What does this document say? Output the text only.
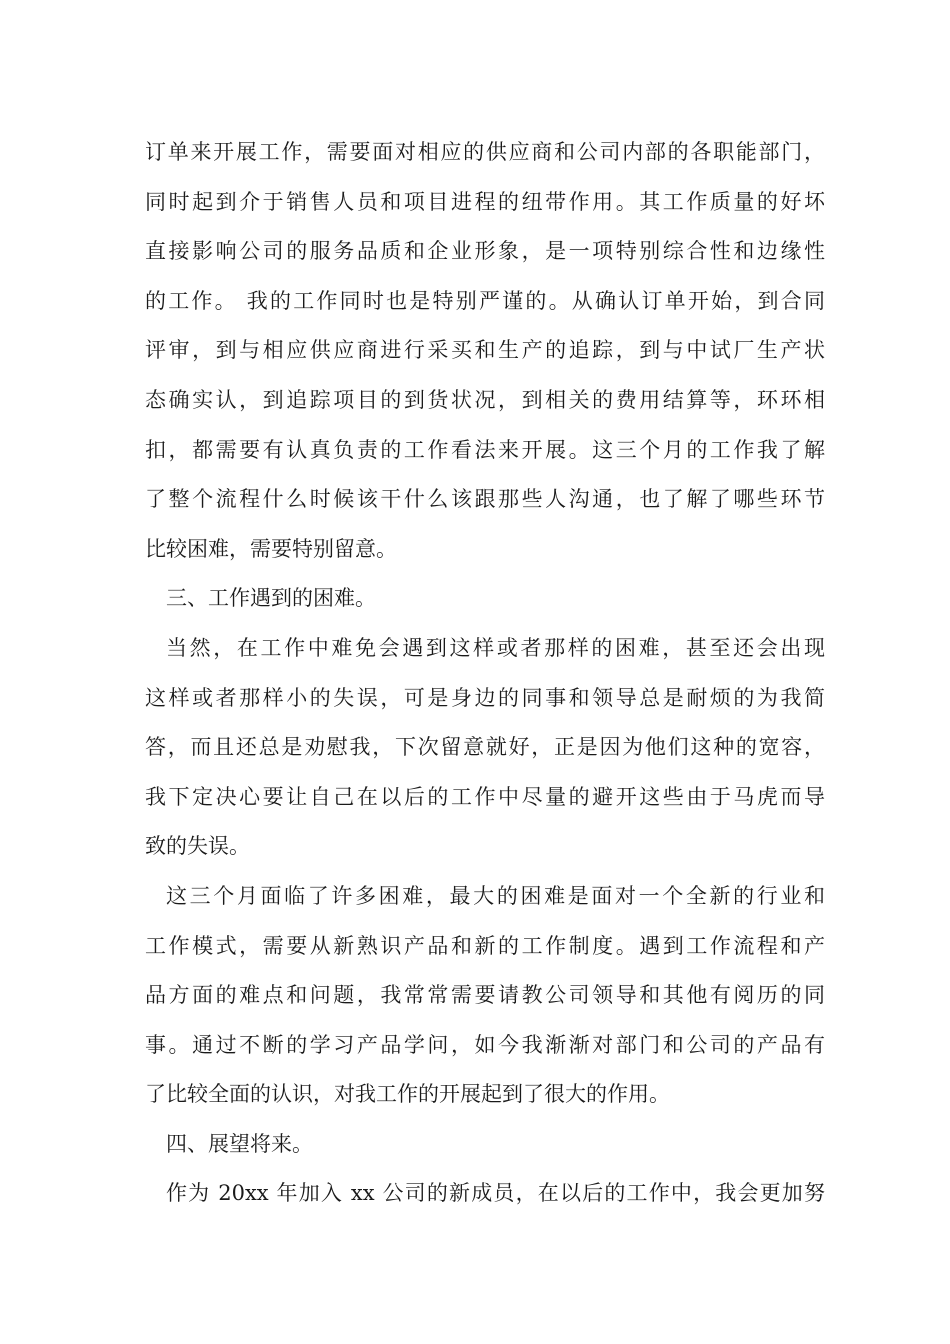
订单来开展工作，需要面对相应的供应商和公司内部的各职能部门，
同时起到介于销售人员和项目进程的纽带作用。其工作质量的好坏
直接影响公司的服务品质和企业形象，是一项特别综合性和边缘性
的工作。 我的工作同时也是特别严谨的。从确认订单开始，到合同
评审，到与相应供应商进行采买和生产的追踪，到与中试厂生产状
态确实认，到追踪项目的到货状况，到相关的费用结算等，环环相
扣，都需要有认真负责的工作看法来开展。这三个月的工作我了解
了整个流程什么时候该干什么该跟那些人沟通，也了解了哪些环节
比较困难，需要特别留意。
三、工作遇到的困难。
当然，在工作中难免会遇到这样或者那样的困难，甚至还会出现
这样或者那样小的失误，可是身边的同事和领导总是耐烦的为我简
答，而且还总是劝慰我，下次留意就好，正是因为他们这种的宽容，
我下定决心要让自己在以后的工作中尽量的避开这些由于马虎而导
致的失误。
这三个月面临了许多困难，最大的困难是面对一个全新的行业和
工作模式，需要从新熟识产品和新的工作制度。遇到工作流程和产
品方面的难点和问题，我常常需要请教公司领导和其他有阅历的同
事。通过不断的学习产品学问，如今我渐渐对部门和公司的产品有
了比较全面的认识，对我工作的开展起到了很大的作用。
四、展望将来。
作为 20xx 年加入 xx 公司的新成员，在以后的工作中，我会更加努
